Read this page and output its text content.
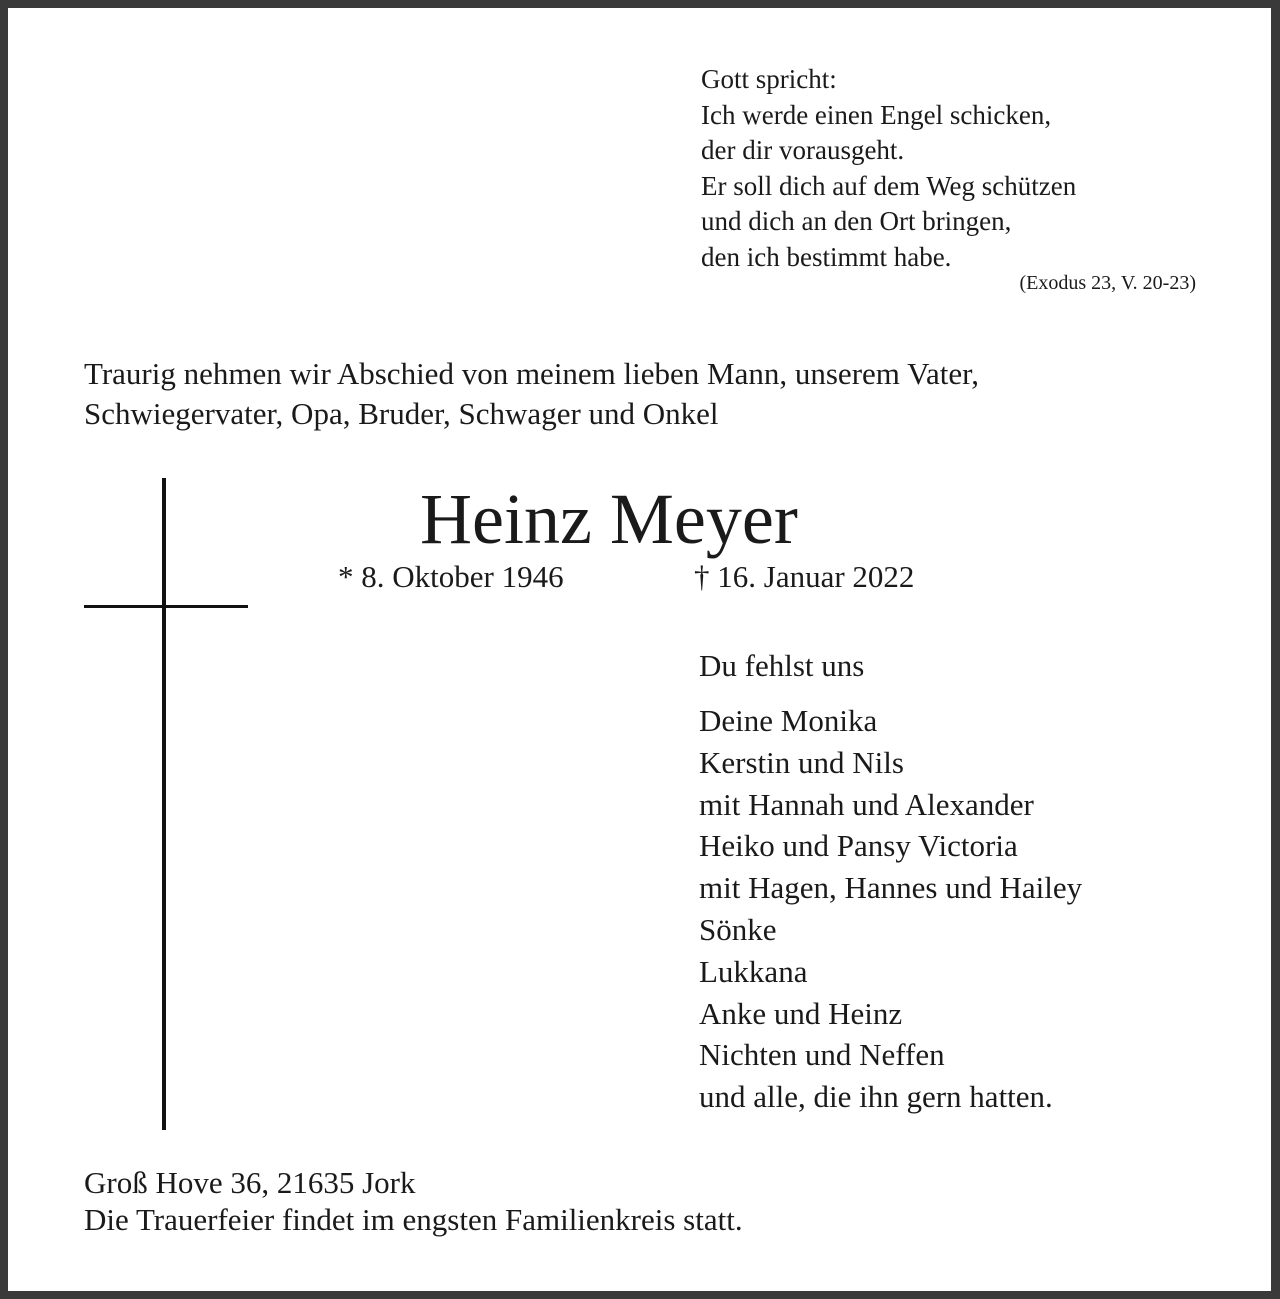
Gott spricht:
Ich werde einen Engel schicken,
der dir vorausgeht.
Er soll dich auf dem Weg schützen
und dich an den Ort bringen,
den ich bestimmt habe.
(Exodus 23, V. 20-23)
Traurig nehmen wir Abschied von meinem lieben Mann, unserem Vater,
Schwiegervater, Opa, Bruder, Schwager und Onkel
Heinz Meyer
* 8. Oktober 1946	† 16. Januar 2022
Du fehlst uns
Deine Monika
Kerstin und Nils
mit Hannah und Alexander
Heiko und Pansy Victoria
mit Hagen, Hannes und Hailey
Sönke
Lukkana
Anke und Heinz
Nichten und Neffen
und alle, die ihn gern hatten.
Groß Hove 36, 21635 Jork
Die Trauerfeier findet im engsten Familienkreis statt.
